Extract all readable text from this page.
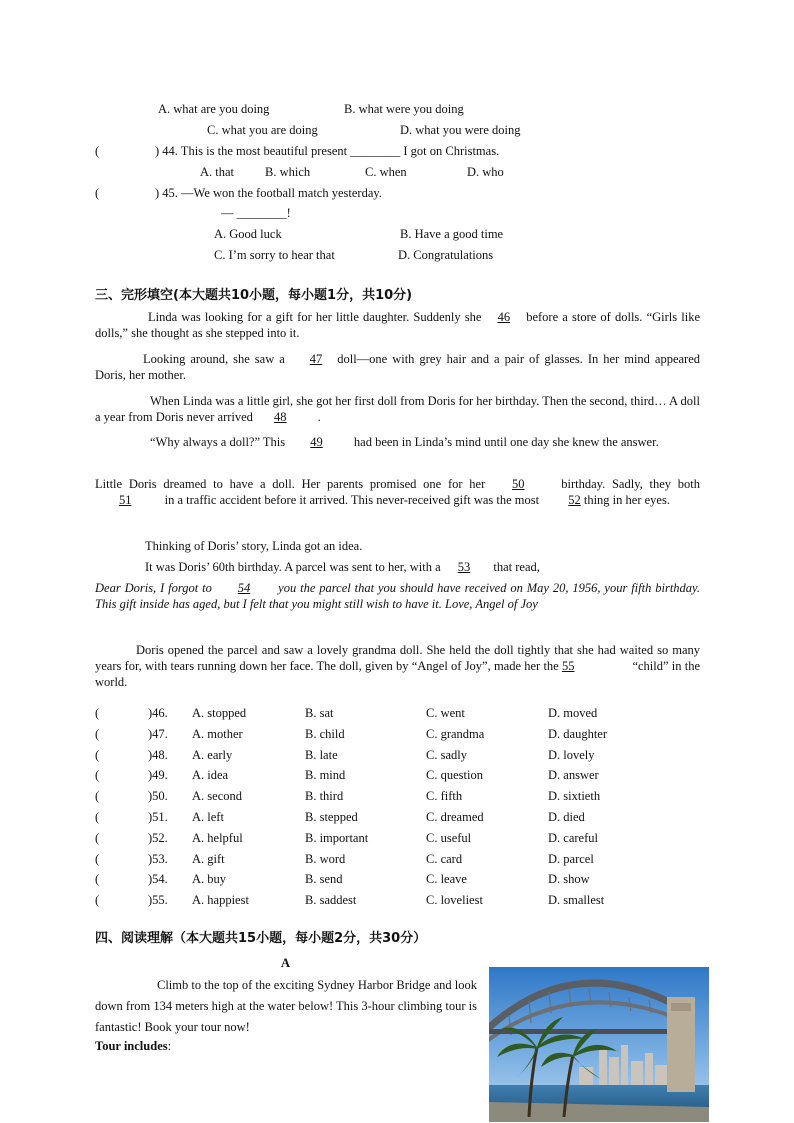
A. what are you doing	B. what were you doing
C. what you are doing	D. what you were doing
(	) 44. This is the most beautiful present ________ I got on Christmas.
A. that B. which	C. when	D. who
(	) 45. —We won the football match yesterday.
— ________!
A. Good luck	B. Have a good time
C. I’m sorry to hear that	D. Congratulations
三、完形填空(本大题共10小题，每小题1分，共10分)
Linda was looking for a gift for her little daughter. Suddenly she 46 before a store of dolls. “Girls like dolls,” she thought as she stepped into it.
Looking around, she saw a 47 doll—one with grey hair and a pair of glasses. In her mind appeared Doris, her mother.
When Linda was a little girl, she got her first doll from Doris for her birthday. Then the second, third… A doll a year from Doris never arrived 48 .
“Why always a doll?” This 49 had been in Linda’s mind until one day she knew the answer.
Little Doris dreamed to have a doll. Her parents promised one for her 50	birthday. Sadly, they both 51	in a traffic accident before it arrived. This never-received gift was the most 52 thing in her eyes.
Thinking of Doris’ story, Linda got an idea.
It was Doris’ 60th birthday. A parcel was sent to her, with a 53 that read,
Dear Doris, I forgot to 54 you the parcel that you should have received on May 20, 1956, your fifth birthday. This gift inside has aged, but I felt that you might still wish to have it. Love, Angel of Joy
Doris opened the parcel and saw a lovely grandma doll. She held the doll tightly that she had waited so many years for, with tears running down her face. The doll, given by “Angel of Joy”, made her the 55	“child” in the world.
(	)46. A. stopped	B. sat	C. went	D. moved
(	)47. A. mother	B. child	C. grandma	D. daughter
(	)48. A. early	B. late	C. sadly	D. lovely
(	)49. A. idea	B. mind	C. question	D. answer
(	)50. A. second	B. third	C. fifth	D. sixtieth
(	)51. A. left	B. stepped	C. dreamed	D. died
(	)52. A. helpful	B. important	C. useful	D. careful
(	)53. A. gift	B. word	C. card	D. parcel
(	)54. A. buy	B. send	C. leave	D. show
(	)55. A. happiest	B. saddest	C. loveliest	D. smallest
四、阅读理解（本大题共15小题，每小题2分，共30分）
A
Climb to the top of the exciting Sydney Harbor Bridge and look down from 134 meters high at the water below! This 3-hour climbing tour is fantastic! Book your tour now!
Tour includes:
